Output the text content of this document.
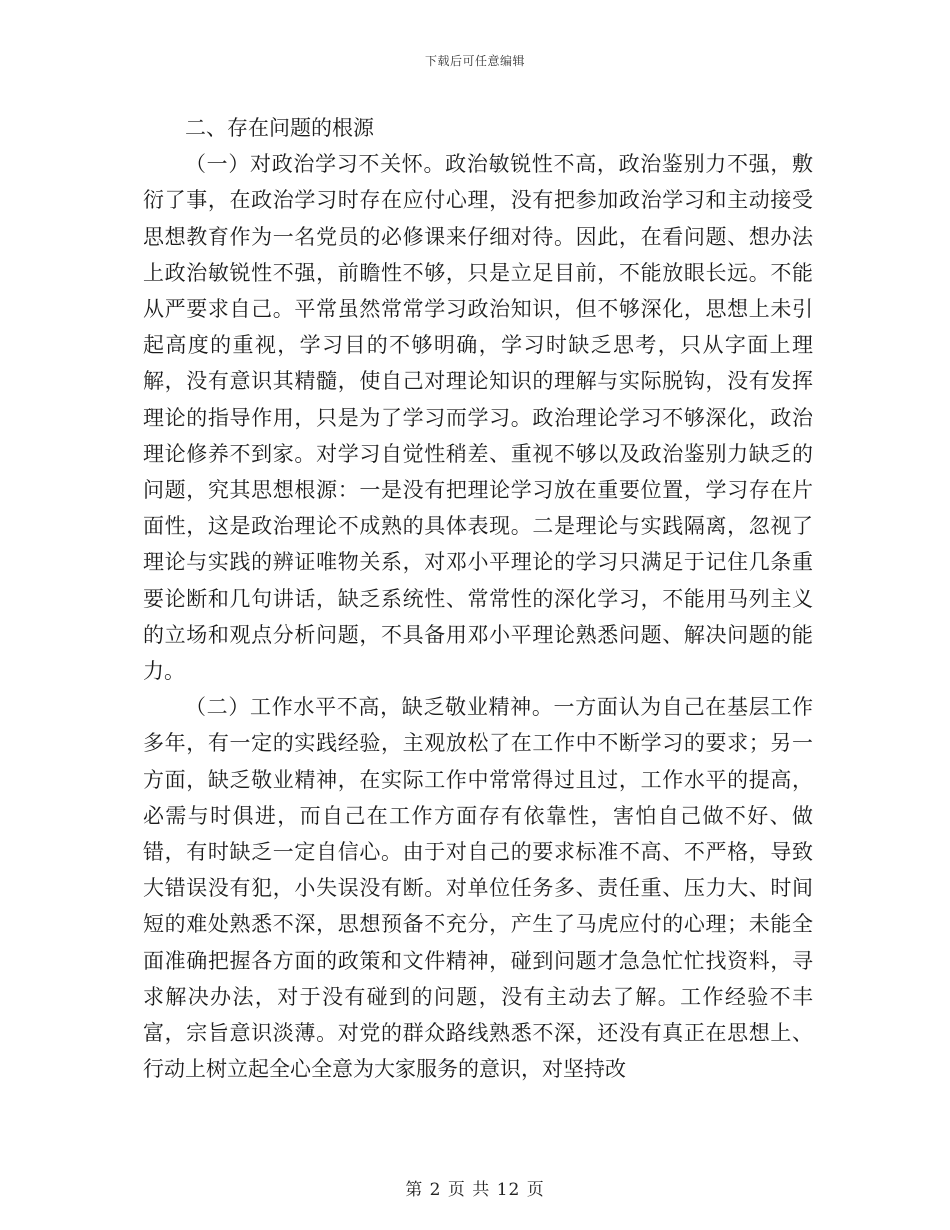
下载后可任意编辑

二、存在问题的根源

（一）对政治学习不关怀。政治敏锐性不高，政治鉴别力不强，敷衍了事，在政治学习时存在应付心理，没有把参加政治学习和主动接受思想教育作为一名党员的必修课来仔细对待。因此，在看问题、想办法上政治敏锐性不强，前瞻性不够，只是立足目前，不能放眼长远。不能从严要求自己。平常虽然常常学习政治知识，但不够深化，思想上未引起高度的重视，学习目的不够明确，学习时缺乏思考，只从字面上理解，没有意识其精髓，使自己对理论知识的理解与实际脱钩，没有发挥理论的指导作用，只是为了学习而学习。政治理论学习不够深化，政治理论修养不到家。对学习自觉性稍差、重视不够以及政治鉴别力缺乏的问题，究其思想根源：一是没有把理论学习放在重要位置，学习存在片面性，这是政治理论不成熟的具体表现。二是理论与实践隔离，忽视了理论与实践的辨证唯物关系，对邓小平理论的学习只满足于记住几条重要论断和几句讲话，缺乏系统性、常常性的深化学习，不能用马列主义的立场和观点分析问题，不具备用邓小平理论熟悉问题、解决问题的能力。

（二）工作水平不高，缺乏敬业精神。一方面认为自己在基层工作多年，有一定的实践经验，主观放松了在工作中不断学习的要求；另一方面，缺乏敬业精神，在实际工作中常常得过且过，工作水平的提高，必需与时俱进，而自己在工作方面存有依靠性，害怕自己做不好、做错，有时缺乏一定自信心。由于对自己的要求标准不高、不严格，导致大错误没有犯，小失误没有断。对单位任务多、责任重、压力大、时间短的难处熟悉不深，思想预备不充分，产生了马虎应付的心理；未能全面准确把握各方面的政策和文件精神，碰到问题才急急忙忙找资料，寻求解决办法，对于没有碰到的问题，没有主动去了解。工作经验不丰富，宗旨意识淡薄。对党的群众路线熟悉不深，还没有真正在思想上、行动上树立起全心全意为大家服务的意识，对坚持改

第 2 页 共 12 页
